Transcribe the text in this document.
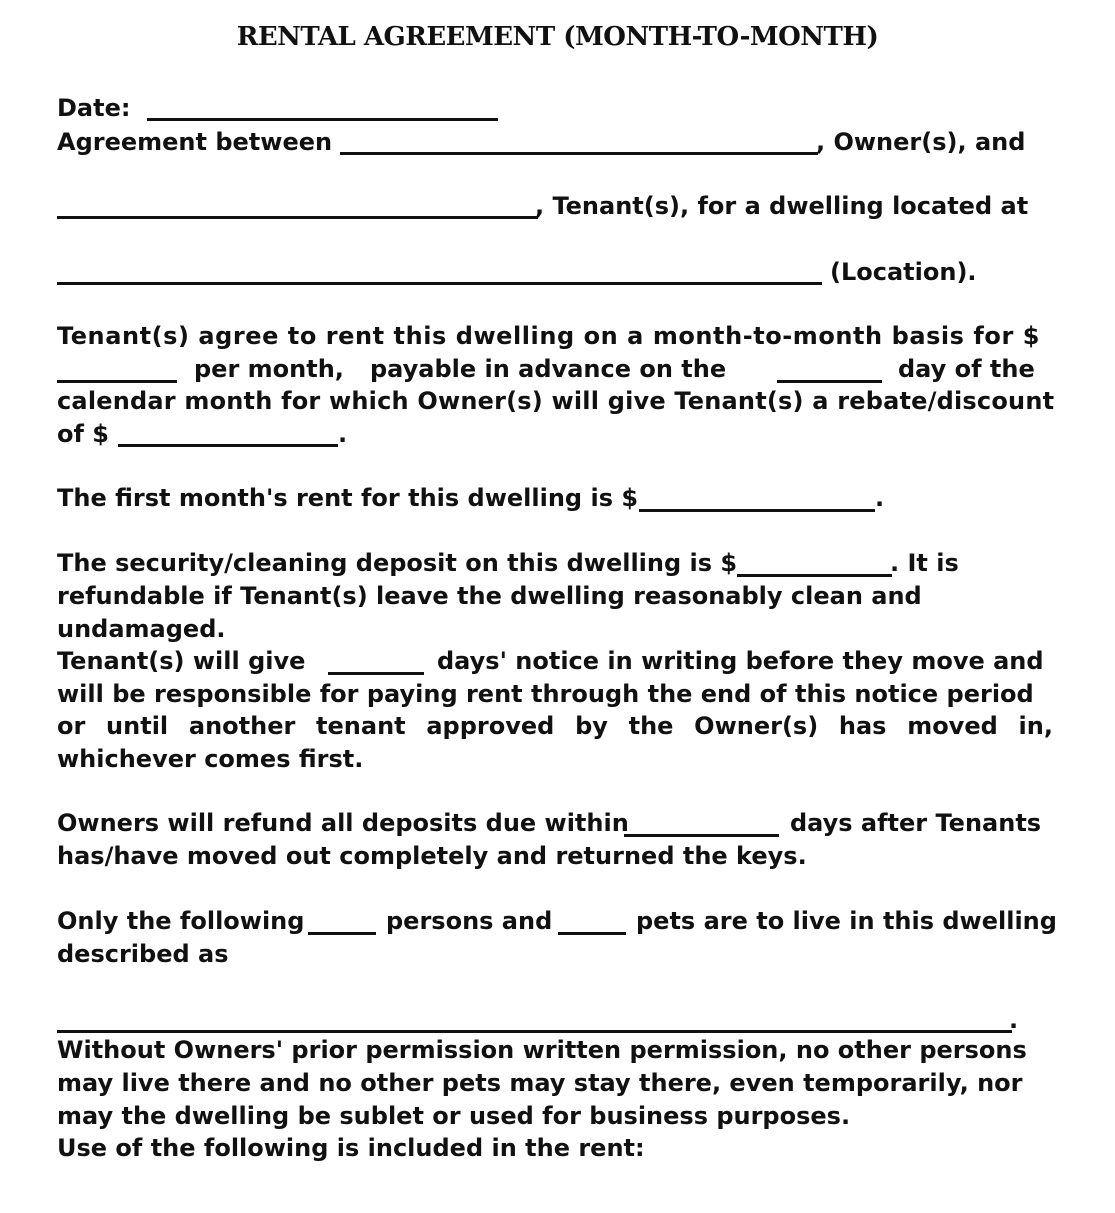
RENTAL AGREEMENT (MONTH-TO-MONTH)
Date:
Agreement between	, Owner(s), and
, Tenant(s), for a dwelling located at
(Location).
Tenant(s) agree to rent this dwelling on a month-to-month basis for $
per month, payable in advance on the	day of the
calendar month for which Owner(s) will give Tenant(s) a rebate/discount
of $	.
The first month's rent for this dwelling is $	.
The security/cleaning deposit on this dwelling is $	. It is
refundable if Tenant(s) leave the dwelling reasonably clean and
undamaged.
Tenant(s) will give	days' notice in writing before they move and
will be responsible for paying rent through the end of this notice period
or until another tenant approved by the Owner(s) has moved in,
whichever comes first.
Owners will refund all deposits due within	days after Tenants
has/have moved out completely and returned the keys.
Only the following	persons and	pets are to live in this dwelling
described as
.
Without Owners' prior permission written permission, no other persons
may live there and no other pets may stay there, even temporarily, nor
may the dwelling be sublet or used for business purposes.
Use of the following is included in the rent:
